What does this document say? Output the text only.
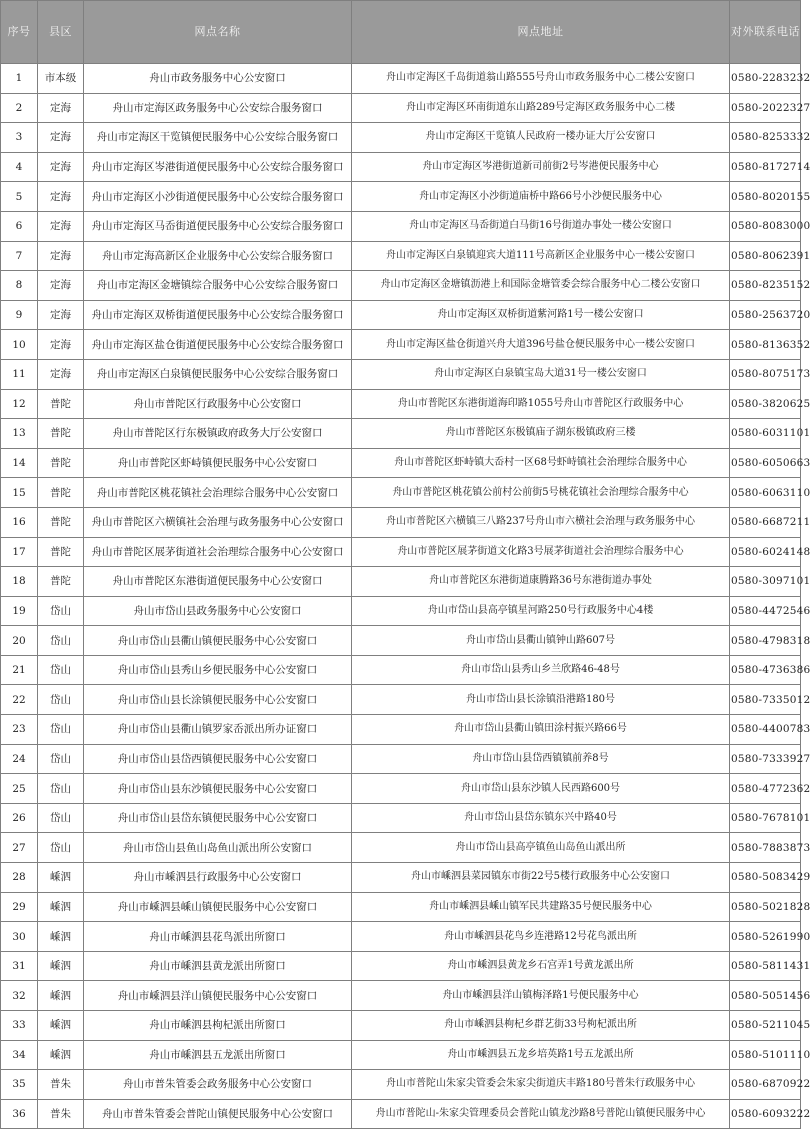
序号	县区	网点名称	网点地址	对外联系电话
1	市本级	舟山市政务服务中心公安窗口	舟山市定海区千岛街道翁山路555号舟山市政务服务中心二楼公安窗口	0580-2283232
2	定海	舟山市定海区政务服务中心公安综合服务窗口	舟山市定海区环南街道东山路289号定海区政务服务中心二楼	0580-2022327
3	定海	舟山市定海区干览镇便民服务中心公安综合服务窗口	舟山市定海区干览镇人民政府一楼办证大厅公安窗口	0580-8253332
4	定海	舟山市定海区岑港街道便民服务中心公安综合服务窗口	舟山市定海区岑港街道新司前街2号岑港便民服务中心	0580-8172714
5	定海	舟山市定海区小沙街道便民服务中心公安综合服务窗口	舟山市定海区小沙街道庙桥中路66号小沙便民服务中心	0580-8020155
6	定海	舟山市定海区马岙街道便民服务中心公安综合服务窗口	舟山市定海区马岙街道白马街16号街道办事处一楼公安窗口	0580-8083000
7	定海	舟山市定海高新区企业服务中心公安综合服务窗口	舟山市定海区白泉镇迎宾大道111号高新区企业服务中心一楼公安窗口	0580-8062391
8	定海	舟山市定海区金塘镇综合服务中心公安综合服务窗口	舟山市定海区金塘镇沥港上和国际金塘管委会综合服务中心二楼公安窗口	0580-8235152
9	定海	舟山市定海区双桥街道便民服务中心公安综合服务窗口	舟山市定海区双桥街道紫河路1号一楼公安窗口	0580-2563720
10	定海	舟山市定海区盐仓街道便民服务中心公安综合服务窗口	舟山市定海区盐仓街道兴舟大道396号盐仓便民服务中心一楼公安窗口	0580-8136352
11	定海	舟山市定海区白泉镇便民服务中心公安综合服务窗口	舟山市定海区白泉镇宝岛大道31号一楼公安窗口	0580-8075173
12	普陀	舟山市普陀区行政服务中心公安窗口	舟山市普陀区东港街道海印路1055号舟山市普陀区行政服务中心	0580-3820625
13	普陀	舟山市普陀区行东极镇政府政务大厅公安窗口	舟山市普陀区东极镇庙子湖东极镇政府三楼	0580-6031101
14	普陀	舟山市普陀区虾峙镇便民服务中心公安窗口	舟山市普陀区虾峙镇大岙村一区68号虾峙镇社会治理综合服务中心	0580-6050663
15	普陀	舟山市普陀区桃花镇社会治理综合服务中心公安窗口	舟山市普陀区桃花镇公前村公前街5号桃花镇社会治理综合服务中心	0580-6063110
16	普陀	舟山市普陀区六横镇社会治理与政务服务中心公安窗口	舟山市普陀区六横镇三八路237号舟山市六横社会治理与政务服务中心	0580-6687211
17	普陀	舟山市普陀区展茅街道社会治理综合服务中心公安窗口	舟山市普陀区展茅街道文化路3号展茅街道社会治理综合服务中心	0580-6024148
18	普陀	舟山市普陀区东港街道便民服务中心公安窗口	舟山市普陀区东港街道康腾路36号东港街道办事处	0580-3097101
19	岱山	舟山市岱山县政务服务中心公安窗口	舟山市岱山县高亭镇星河路250号行政服务中心4楼	0580-4472546
20	岱山	舟山市岱山县衢山镇便民服务中心公安窗口	舟山市岱山县衢山镇钟山路607号	0580-4798318
21	岱山	舟山市岱山县秀山乡便民服务中心公安窗口	舟山市岱山县秀山乡兰欣路46-48号	0580-4736386
22	岱山	舟山市岱山县长涂镇便民服务中心公安窗口	舟山市岱山县长涂镇沿港路180号	0580-7335012
23	岱山	舟山市岱山县衢山镇罗家岙派出所办证窗口	舟山市岱山县衢山镇田涂村振兴路66号	0580-4400783
24	岱山	舟山市岱山县岱西镇便民服务中心公安窗口	舟山市岱山县岱西镇镇前养8号	0580-7333927
25	岱山	舟山市岱山县东沙镇便民服务中心公安窗口	舟山市岱山县东沙镇人民西路600号	0580-4772362
26	岱山	舟山市岱山县岱东镇便民服务中心公安窗口	舟山市岱山县岱东镇东兴中路40号	0580-7678101
27	岱山	舟山市岱山县鱼山岛鱼山派出所公安窗口	舟山市岱山县高亭镇鱼山岛鱼山派出所	0580-7883873
28	嵊泗	舟山市嵊泗县行政服务中心公安窗口	舟山市嵊泗县菜园镇东市街22号5楼行政服务中心公安窗口	0580-5083429
29	嵊泗	舟山市嵊泗县嵊山镇便民服务中心公安窗口	舟山市嵊泗县嵊山镇军民共建路35号便民服务中心	0580-5021828
30	嵊泗	舟山市嵊泗县花鸟派出所窗口	舟山市嵊泗县花鸟乡连港路12号花鸟派出所	0580-5261990
31	嵊泗	舟山市嵊泗县黄龙派出所窗口	舟山市嵊泗县黄龙乡石宫弄1号黄龙派出所	0580-5811431
32	嵊泗	舟山市嵊泗县洋山镇便民服务中心公安窗口	舟山市嵊泗县洋山镇梅泽路1号便民服务中心	0580-5051456
33	嵊泗	舟山市嵊泗县枸杞派出所窗口	舟山市嵊泗县枸杞乡群艺街33号枸杞派出所	0580-5211045
34	嵊泗	舟山市嵊泗县五龙派出所窗口	舟山市嵊泗县五龙乡培英路1号五龙派出所	0580-5101110
35	普朱	舟山市普朱管委会政务服务中心公安窗口	舟山市普陀山朱家尖管委会朱家尖街道庆丰路180号普朱行政服务中心	0580-6870922
36	普朱	舟山市普朱管委会普陀山镇便民服务中心公安窗口	舟山市普陀山-朱家尖管理委员会普陀山镇龙沙路8号普陀山镇便民服务中心	0580-6093222
